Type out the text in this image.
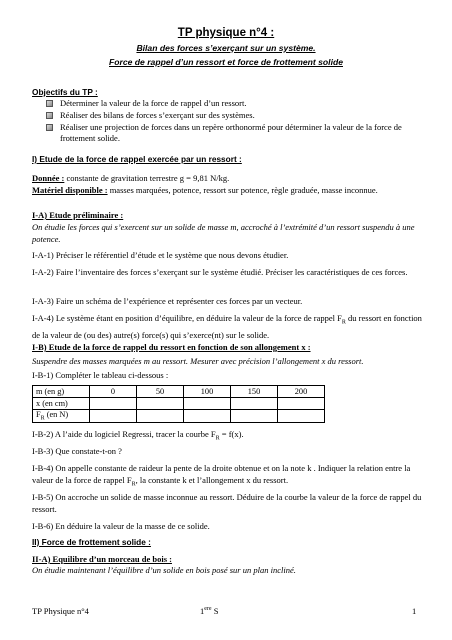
TP physique n°4 :
Bilan des forces s’exerçant sur un système.
Force de rappel d’un ressort et force de frottement solide
Objectifs du TP :
Déterminer la valeur de la force de rappel d’un ressort.
Réaliser des bilans de forces s’exerçant sur des systèmes.
Réaliser une projection de forces dans un repère orthonormé pour déterminer la valeur de la force de frottement solide.
I) Etude de la force de rappel exercée par un ressort :
Donnée : constante de gravitation terrestre g = 9,81 N/kg.
Matériel disponible : masses marquées, potence, ressort sur potence, règle graduée, masse inconnue.
I-A) Etude préliminaire :
On étudie les forces qui s’exercent sur un solide de masse m, accroché à l’extrémité d’un ressort suspendu à une potence.
I-A-1) Préciser le référentiel d’étude et le système que nous devons étudier.
I-A-2) Faire l’inventaire des forces s’exerçant sur le système étudié. Préciser les caractéristiques de ces forces.
I-A-3) Faire un schéma de l’expérience et représenter ces forces par un vecteur.
I-A-4) Le système étant en position d’équilibre, en déduire la valeur de la force de rappel $F_R$ du ressort en fonction de la valeur de (ou des) autre(s) force(s) qui s’exerce(nt) sur le solide.
I-B) Etude de la force de rappel du ressort en fonction de son allongement x :
Suspendre des masses marquées m au ressort. Mesurer avec précision l’allongement x du ressort.
I-B-1) Compléter le tableau ci-dessous :
m (en g)	0	50	100	150	200
x (en cm)					
$F_R$ (en N)					
I-B-2) A l’aide du logiciel Regressi, tracer la courbe $F_R = f(x)$.
I-B-3) Que constate-t-on ?
I-B-4) On appelle constante de raideur la pente de la droite obtenue et on la note k . Indiquer la relation entre la valeur de la force de rappel $F_R$, la constante k et l’allongement x du ressort.
I-B-5) On accroche un solide de masse inconnue au ressort. Déduire de la courbe la valeur de la force de rappel du ressort.
I-B-6) En déduire la valeur de la masse de ce solide.
II) Force de frottement solide :
II-A) Equilibre d’un morceau de bois :
On étudie maintenant l’équilibre d’un solide en bois posé sur un plan incliné.
TP Physique n°4	1ere S	1
